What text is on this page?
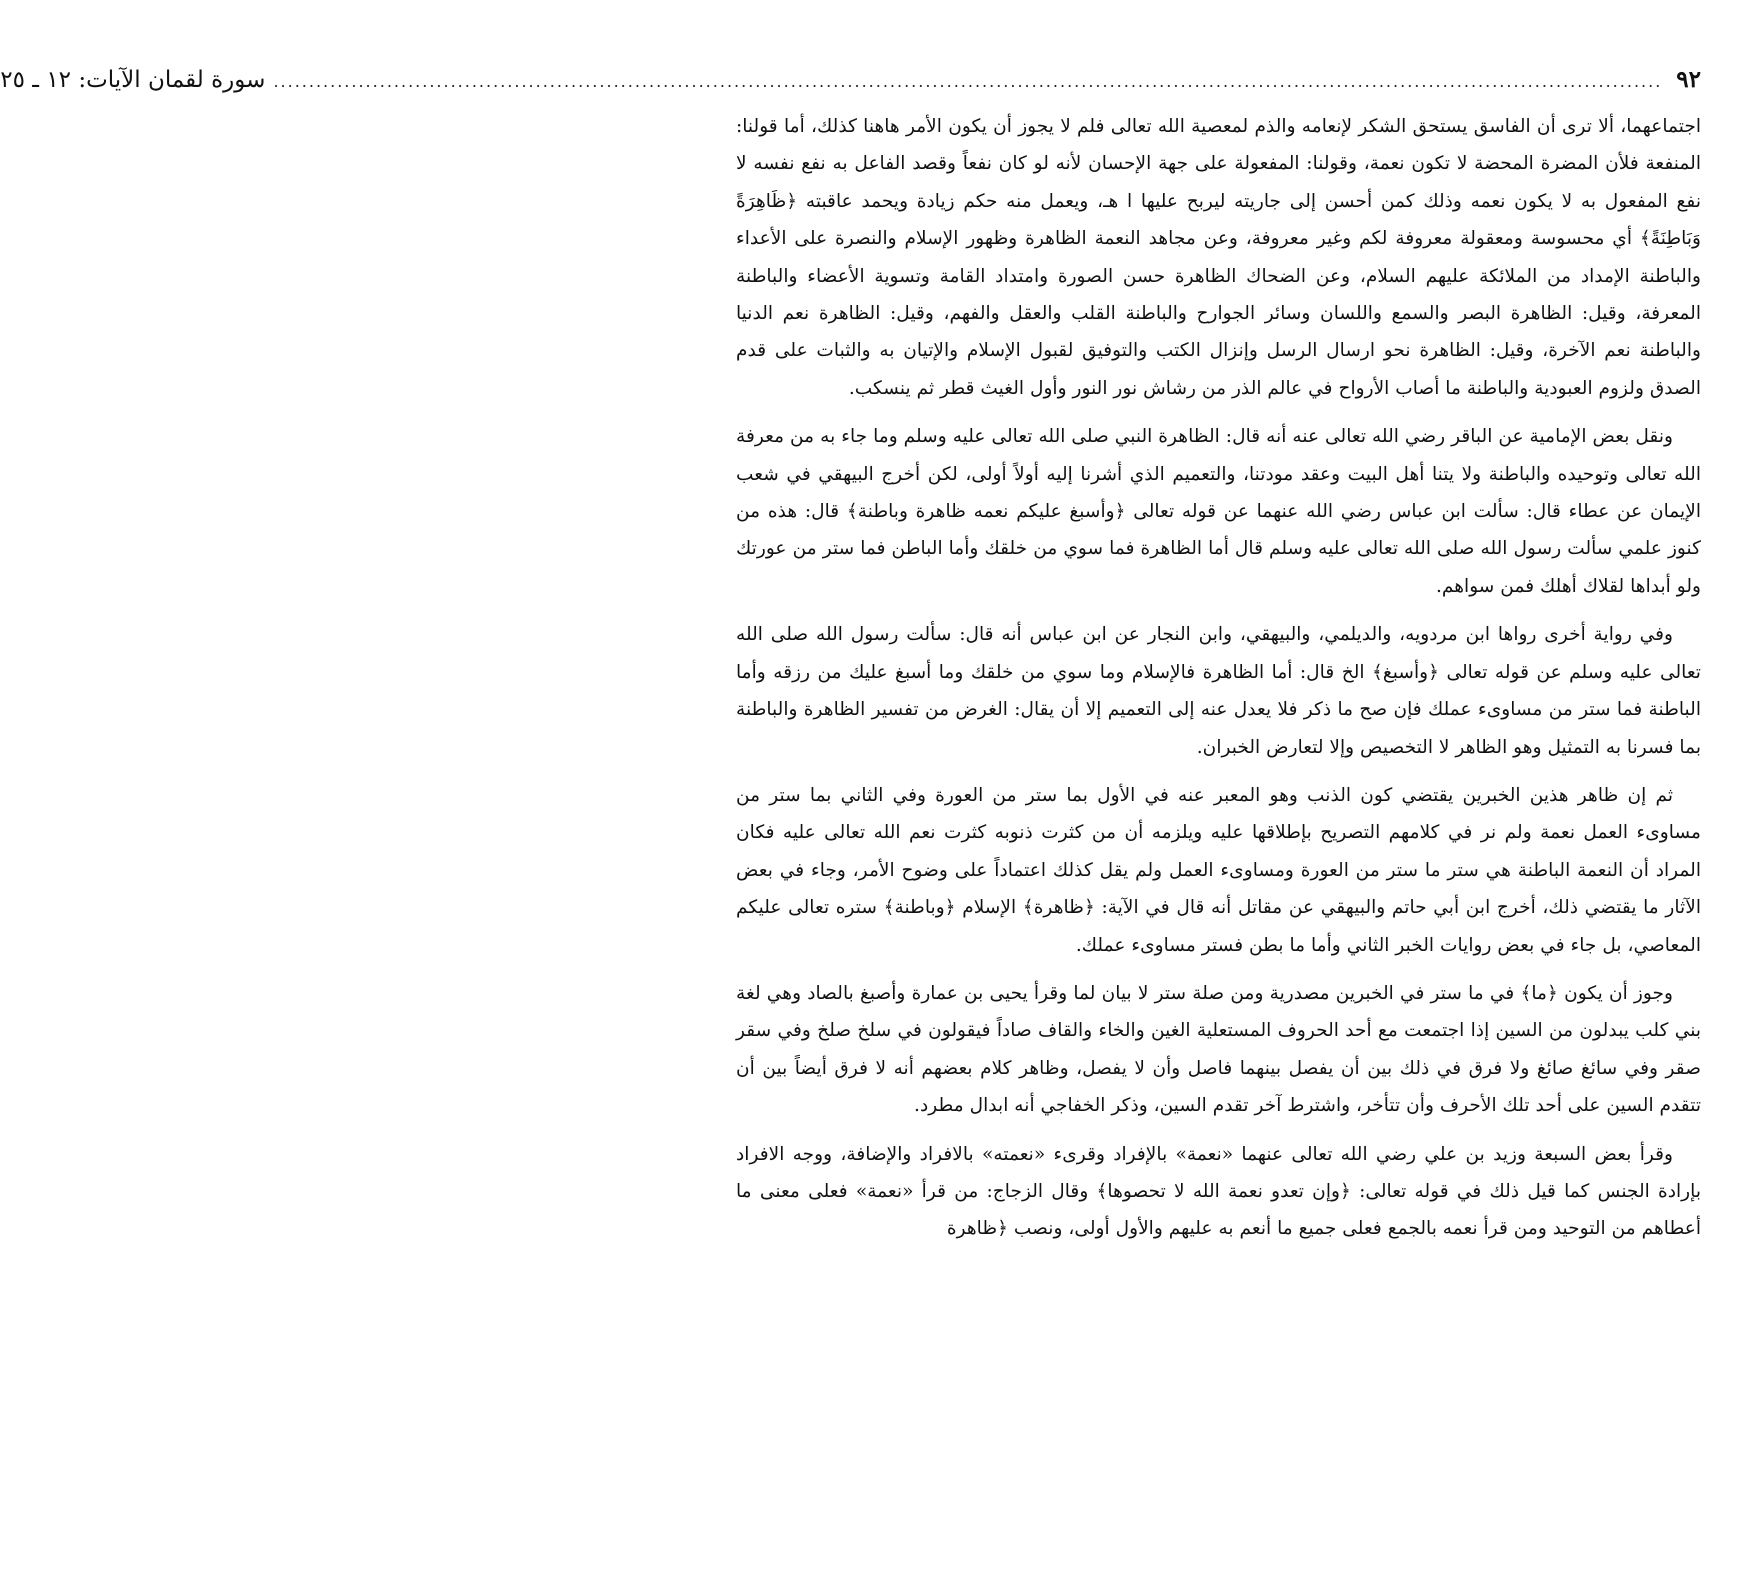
٩٢
....................................................................................................................................................................................................
سورة لقمان الآيات: ١٢ ـ ٢٥

اجتماعهما، ألا ترى أن الفاسق يستحق الشكر لإنعامه والذم لمعصية الله تعالى فلم لا يجوز أن يكون الأمر هاهنا كذلك، أما قولنا: المنفعة فلأن المضرة المحضة لا تكون نعمة، وقولنا: المفعولة على جهة الإحسان لأنه لو كان نفعاً وقصد الفاعل به نفع نفسه لا نفع المفعول به لا يكون نعمه وذلك كمن أحسن إلى جاريته ليربح عليها ا هـ، ويعمل منه حكم زيادة ويحمد عاقبته ﴿ظَاهِرَةً وَبَاطِنَةً﴾ أي محسوسة ومعقولة معروفة لكم وغير معروفة، وعن مجاهد النعمة الظاهرة وظهور الإسلام والنصرة على الأعداء والباطنة الإمداد من الملائكة عليهم السلام، وعن الضحاك الظاهرة حسن الصورة وامتداد القامة وتسوية الأعضاء والباطنة المعرفة، وقيل: الظاهرة البصر والسمع واللسان وسائر الجوارح والباطنة القلب والعقل والفهم، وقيل: الظاهرة نعم الدنيا والباطنة نعم الآخرة، وقيل: الظاهرة نحو ارسال الرسل وإنزال الكتب والتوفيق لقبول الإسلام والإتيان به والثبات على قدم الصدق ولزوم العبودية والباطنة ما أصاب الأرواح في عالم الذر من رشاش نور النور وأول الغيث قطر ثم ينسكب.

ونقل بعض الإمامية عن الباقر رضي الله تعالى عنه أنه قال: الظاهرة النبي صلى الله تعالى عليه وسلم وما جاء به من معرفة الله تعالى وتوحيده والباطنة ولا يتنا أهل البيت وعقد مودتنا، والتعميم الذي أشرنا إليه أولاً أولى، لكن أخرج البيهقي في شعب الإيمان عن عطاء قال: سألت ابن عباس رضي الله عنهما عن قوله تعالى ﴿وأسبغ عليكم نعمه ظاهرة وباطنة﴾ قال: هذه من كنوز علمي سألت رسول الله صلى الله تعالى عليه وسلم قال أما الظاهرة فما سوي من خلقك وأما الباطن فما ستر من عورتك ولو أبداها لقلاك أهلك فمن سواهم.

وفي رواية أخرى رواها ابن مردويه، والديلمي، والبيهقي، وابن النجار عن ابن عباس أنه قال: سألت رسول الله صلى الله تعالى عليه وسلم عن قوله تعالى ﴿وأسبغ﴾ الخ قال: أما الظاهرة فالإسلام وما سوي من خلقك وما أسبغ عليك من رزقه وأما الباطنة فما ستر من مساوىء عملك فإن صح ما ذكر فلا يعدل عنه إلى التعميم إلا أن يقال: الغرض من تفسير الظاهرة والباطنة بما فسرنا به التمثيل وهو الظاهر لا التخصيص وإلا لتعارض الخبران.

ثم إن ظاهر هذين الخبرين يقتضي كون الذنب وهو المعبر عنه في الأول بما ستر من العورة وفي الثاني بما ستر من مساوىء العمل نعمة ولم نر في كلامهم التصريح بإطلاقها عليه ويلزمه أن من كثرت ذنوبه كثرت نعم الله تعالى عليه فكان المراد أن النعمة الباطنة هي ستر ما ستر من العورة ومساوىء العمل ولم يقل كذلك اعتماداً على وضوح الأمر، وجاء في بعض الآثار ما يقتضي ذلك، أخرج ابن أبي حاتم والبيهقي عن مقاتل أنه قال في الآية: ﴿ظاهرة﴾ الإسلام ﴿وباطنة﴾ ستره تعالى عليكم المعاصي، بل جاء في بعض روايات الخبر الثاني وأما ما بطن فستر مساوىء عملك.

وجوز أن يكون ﴿ما﴾ في ما ستر في الخبرين مصدرية ومن صلة ستر لا بيان لما وقرأ يحيى بن عمارة وأصبغ بالصاد وهي لغة بني كلب يبدلون من السين إذا اجتمعت مع أحد الحروف المستعلية الغين والخاء والقاف صاداً فيقولون في سلخ صلخ وفي سقر صقر وفي سائغ صائغ ولا فرق في ذلك بين أن يفصل بينهما فاصل وأن لا يفصل، وظاهر كلام بعضهم أنه لا فرق أيضاً بين أن تتقدم السين على أحد تلك الأحرف وأن تتأخر، واشترط آخر تقدم السين، وذكر الخفاجي أنه ابدال مطرد.

وقرأ بعض السبعة وزيد بن علي رضي الله تعالى عنهما «نعمة» بالإفراد وقرىء «نعمته» بالافراد والإضافة، ووجه الافراد بإرادة الجنس كما قيل ذلك في قوله تعالى: ﴿وإن تعدو نعمة الله لا تحصوها﴾ وقال الزجاج: من قرأ «نعمة» فعلى معنى ما أعطاهم من التوحيد ومن قرأ نعمه بالجمع فعلى جميع ما أنعم به عليهم والأول أولى، ونصب ﴿ظاهرة
